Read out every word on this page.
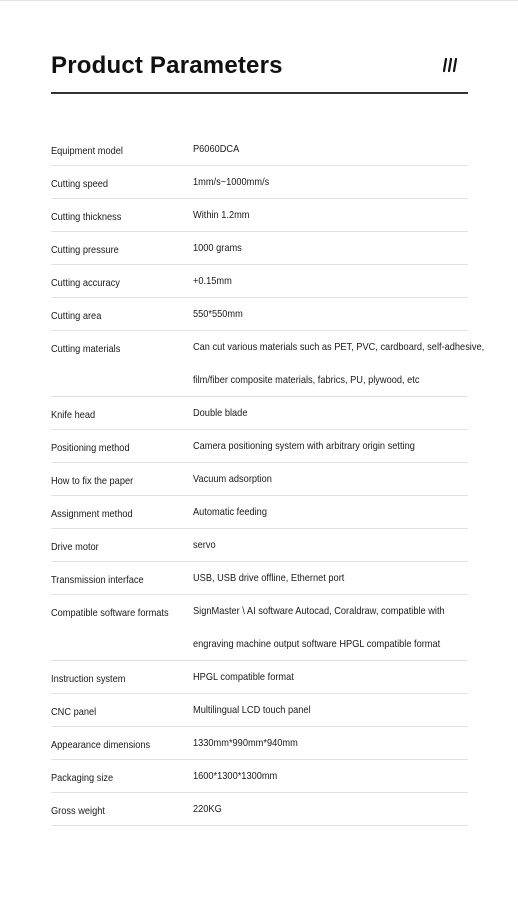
Product Parameters
Equipment model	P6060DCA
Cutting speed	1mm/s~1000mm/s
Cutting thickness	Within 1.2mm
Cutting pressure	1000 grams
Cutting accuracy	+0.15mm
Cutting area	550*550mm
Cutting materials	Can cut various materials such as PET, PVC, cardboard, self-adhesive,
film/fiber composite materials, fabrics, PU, plywood, etc
Knife head	Double blade
Positioning method	Camera positioning system with arbitrary origin setting
How to fix the paper	Vacuum adsorption
Assignment method	Automatic feeding
Drive motor	servo
Transmission interface	USB, USB drive offline, Ethernet port
Compatible software formats	SignMaster \ AI software Autocad, Coraldraw, compatible with
engraving machine output software HPGL compatible format
Instruction system	HPGL compatible format
CNC panel	Multilingual LCD touch panel
Appearance dimensions	1330mm*990mm*940mm
Packaging size	1600*1300*1300mm
Gross weight	220KG
